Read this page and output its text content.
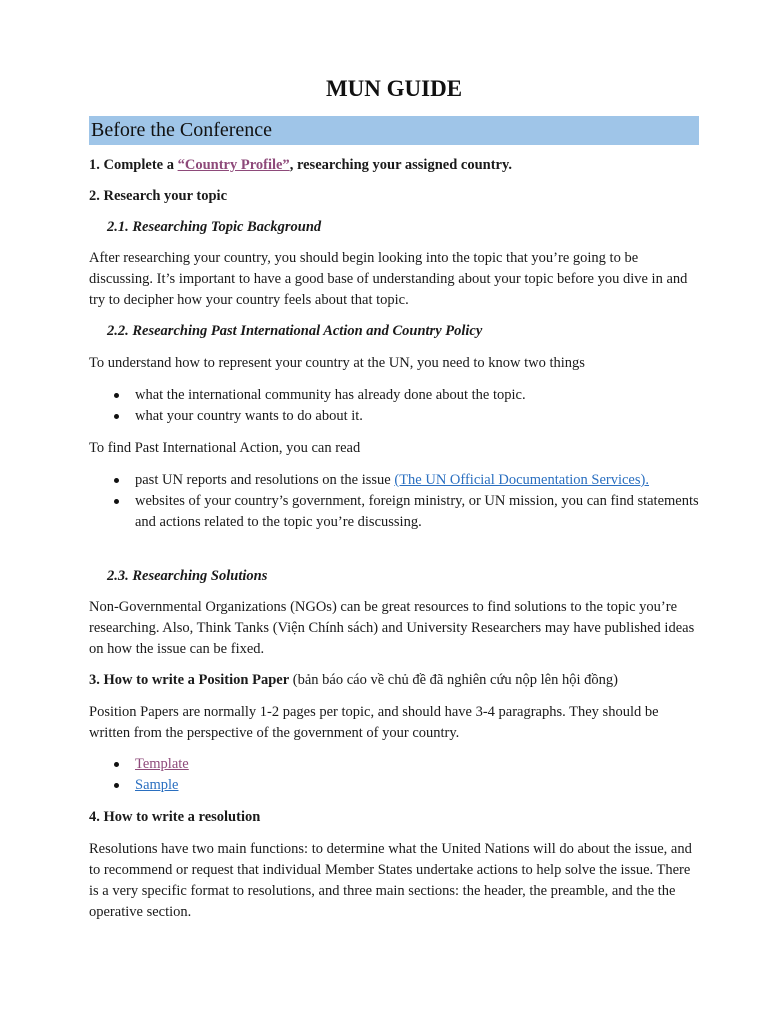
MUN GUIDE
Before the Conference
1. Complete a “Country Profile”, researching your assigned country.
2. Research your topic
2.1. Researching Topic Background
After researching your country, you should begin looking into the topic that you’re going to be discussing. It’s important to have a good base of understanding about your topic before you dive in and try to decipher how your country feels about that topic.
2.2. Researching Past International Action and Country Policy
To understand how to represent your country at the UN, you need to know two things
what the international community has already done about the topic.
what your country wants to do about it.
To find Past International Action, you can read
past UN reports and resolutions on the issue (The UN Official Documentation Services).
websites of your country’s government, foreign ministry, or UN mission, you can find statements and actions related to the topic you’re discussing.
2.3. Researching Solutions
Non-Governmental Organizations (NGOs) can be great resources to find solutions to the topic you’re researching. Also, Think Tanks (Viện Chính sách) and University Researchers may have published ideas on how the issue can be fixed.
3. How to write a Position Paper (bản báo cáo về chủ đề đã nghiên cứu nộp lên hội đồng)
Position Papers are normally 1-2 pages per topic, and should have 3-4 paragraphs. They should be written from the perspective of the government of your country.
Template
Sample
4. How to write a resolution
Resolutions have two main functions: to determine what the United Nations will do about the issue, and to recommend or request that individual Member States undertake actions to help solve the issue. There is a very specific format to resolutions, and three main sections: the header, the preamble, and the the operative section.
